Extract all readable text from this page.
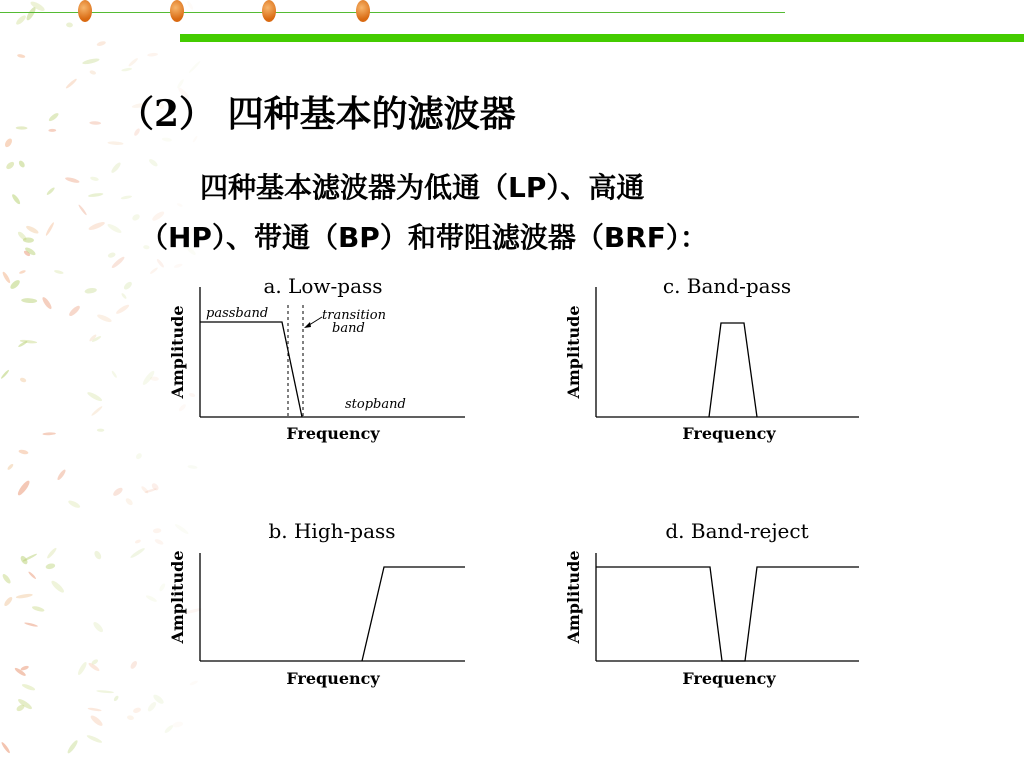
（2） 四种基本的滤波器
四种基本滤波器为低通（LP）、高通
（HP）、带通（BP）和带阻滤波器（BRF）：
a. Low-pass
Frequency
Amplitude passband	transition
band
stopband
c. Band-pass
Frequency
Amplitude
b. High-pass
Frequency
Amplitude
d. Band-reject
Frequency
Amplitude
